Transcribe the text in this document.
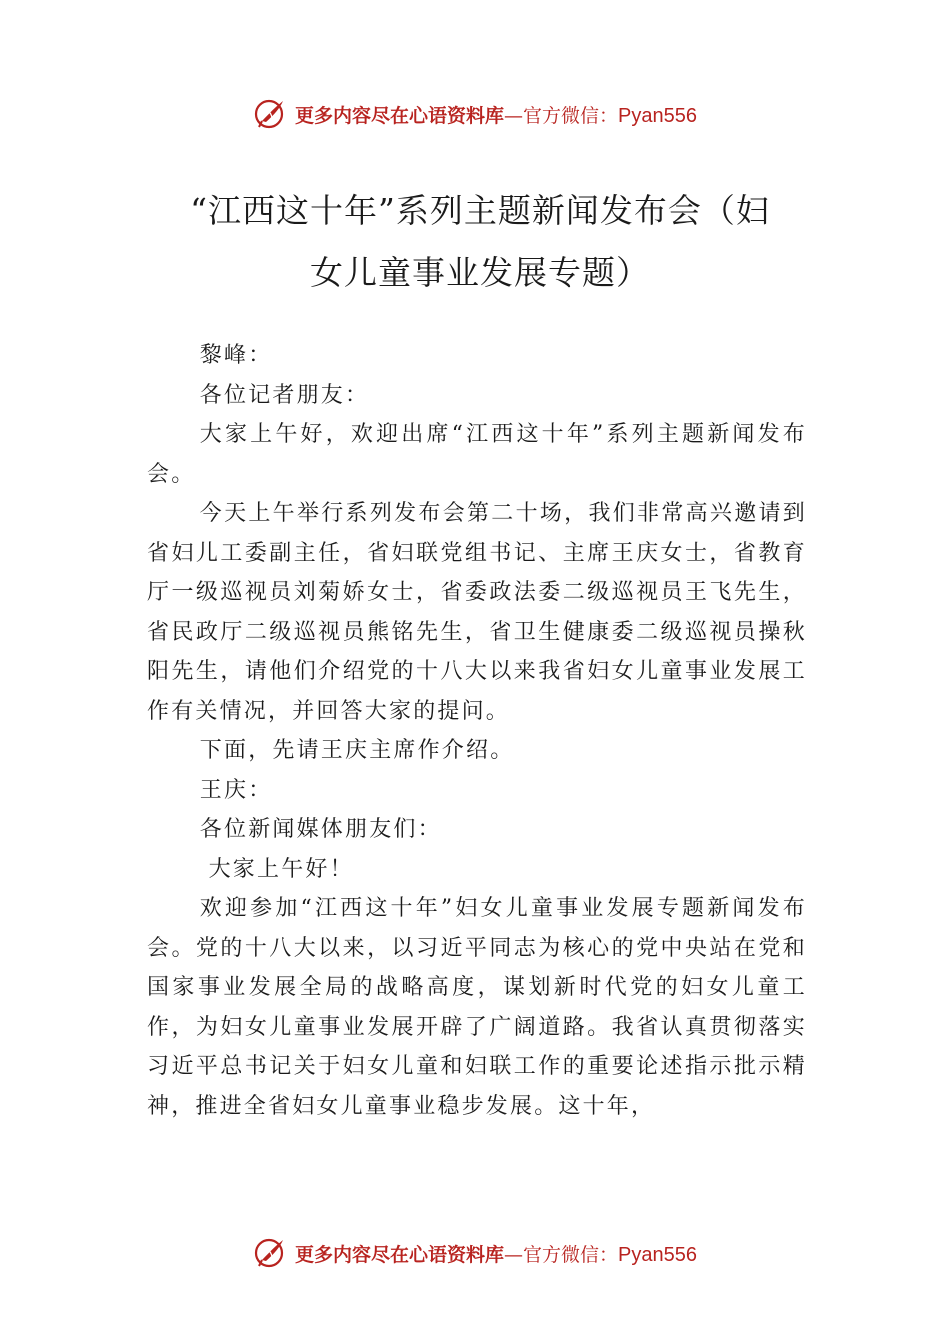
更多内容尽在心语资料库—官方微信：Pyan556
“江西这十年”系列主题新闻发布会（妇
女儿童事业发展专题）

黎峰：

各位记者朋友：

大家上午好，欢迎出席“江西这十年”系列主题新闻发布会。

今天上午举行系列发布会第二十场，我们非常高兴邀请到省妇儿工委副主任，省妇联党组书记、主席王庆女士，省教育厅一级巡视员刘菊娇女士，省委政法委二级巡视员王飞先生，省民政厅二级巡视员熊铭先生，省卫生健康委二级巡视员操秋阳先生，请他们介绍党的十八大以来我省妇女儿童事业发展工作有关情况，并回答大家的提问。

下面，先请王庆主席作介绍。

王庆：

各位新闻媒体朋友们：

大家上午好！

欢迎参加“江西这十年”妇女儿童事业发展专题新闻发布会。党的十八大以来，以习近平同志为核心的党中央站在党和国家事业发展全局的战略高度，谋划新时代党的妇女儿童工作，为妇女儿童事业发展开辟了广阔道路。我省认真贯彻落实习近平总书记关于妇女儿童和妇联工作的重要论述指示批示精神，推进全省妇女儿童事业稳步发展。这十年，

更多内容尽在心语资料库—官方微信：Pyan556
